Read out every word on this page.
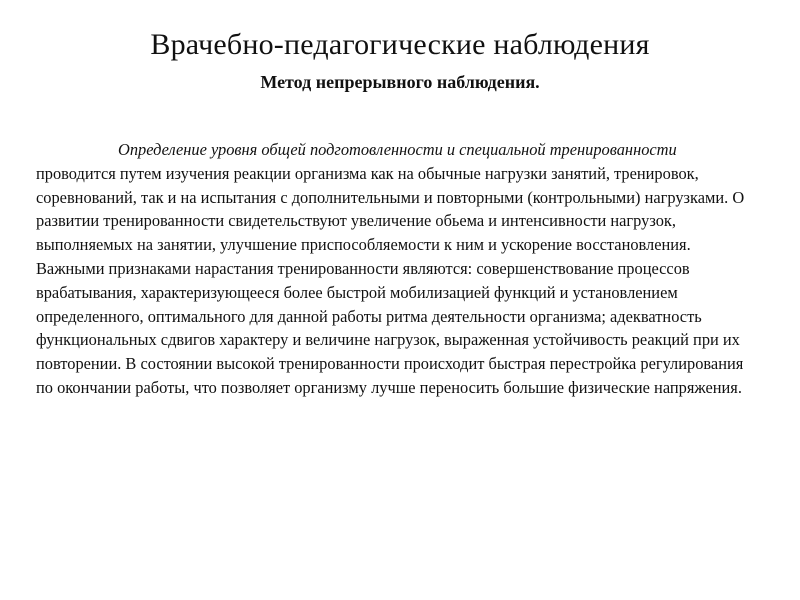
Врачебно-педагогические наблюдения
Метод непрерывного наблюдения.

Определение уровня общей подготовленности и специальной тренированности проводится путем изучения реакции организма как на обычные нагрузки занятий, тренировок, соревнований, так и на испытания с дополнительными и повторными (контрольными) нагрузками. О развитии тренированности свидетельствуют увеличение обьема и интенсивности нагрузок, выполняемых на занятии, улучшение приспособляемости к ним и ускорение восстановления. Важными признаками нарастания тренированности являются: совершенствование процессов врабатывания, характеризующееся более быстрой мобилизацией функций и установлением определенного, оптимального для данной работы ритма деятельности организма; адекватность функциональных сдвигов характеру и величине нагрузок, выраженная устойчивость реакций при их повторении. В состоянии высокой тренированности происходит быстрая перестройка регулирования по окончании работы, что позволяет организму лучше переносить большие физические напряжения.
